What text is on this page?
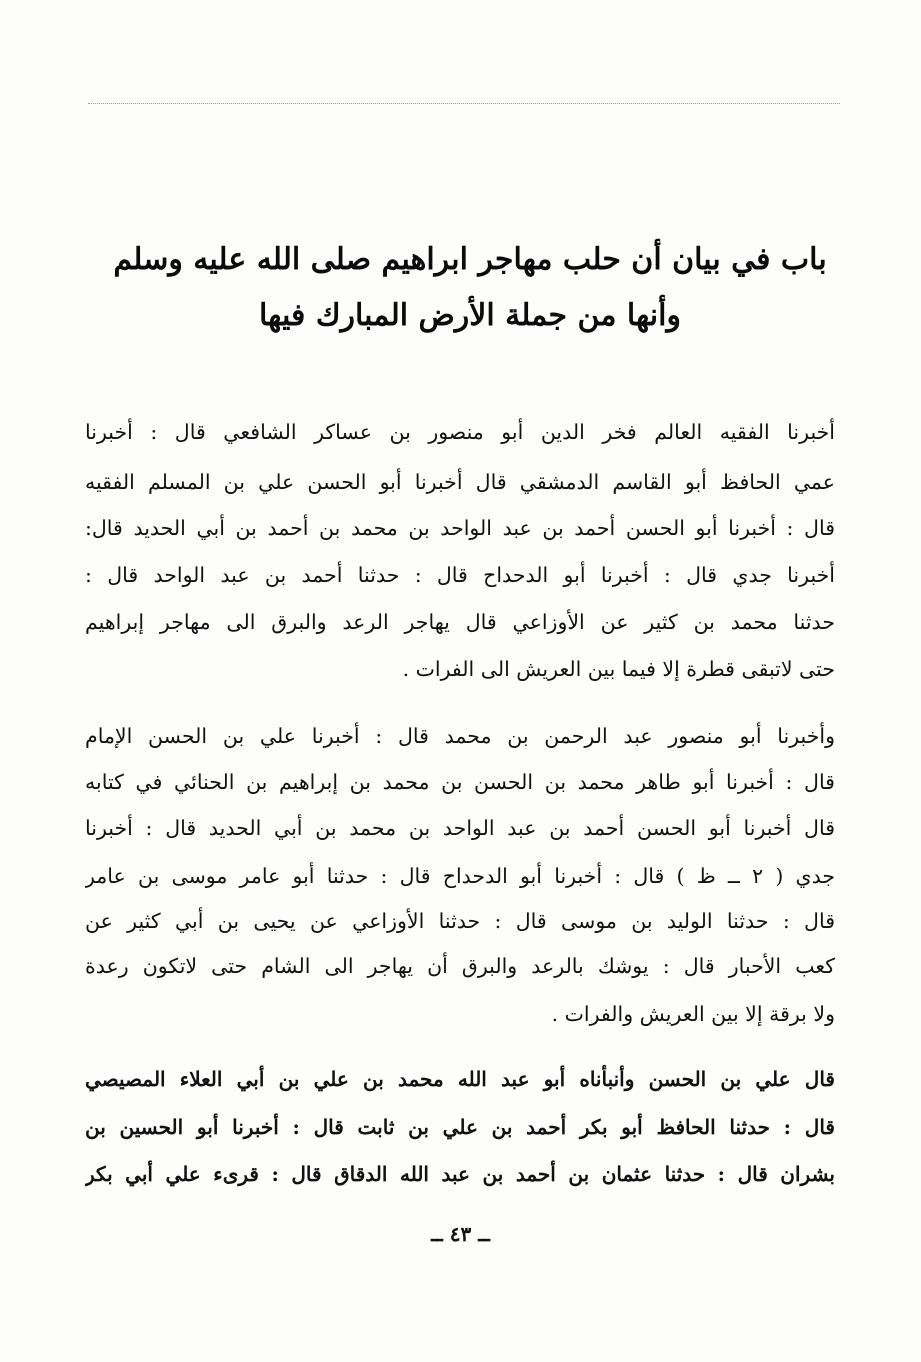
باب في بيان أن حلب مهاجر ابراهيم صلى الله عليه وسلم
وأنها من جملة الأرض المبارك فيها
أخبرنا الفقيه العالم فخر الدين أبو منصور بن عساكر الشافعي قال : أخبرنا
عمي الحافظ أبو القاسم الدمشقي قال أخبرنا أبو الحسن علي بن المسلم الفقيه
قال : أخبرنا أبو الحسن أحمد بن عبد الواحد بن محمد بن أحمد بن أبي الحديد قال:
أخبرنا جدي قال : أخبرنا أبو الدحداح قال : حدثنا أحمد بن عبد الواحد قال :
حدثنا محمد بن كثير عن الأوزاعي قال يهاجر الرعد والبرق الى مهاجر إبراهيم
حتى لاتبقى قطرة إلا فيما بين العريش الى الفرات .
وأخبرنا أبو منصور عبد الرحمن بن محمد قال : أخبرنا علي بن الحسن الإمام
قال : أخبرنا أبو طاهر محمد بن الحسن بن محمد بن إبراهيم بن الحنائي في كتابه
قال أخبرنا أبو الحسن أحمد بن عبد الواحد بن محمد بن أبي الحديد قال : أخبرنا
جدي ( ٢ ــ ظ ) قال : أخبرنا أبو الدحداح قال : حدثنا أبو عامر موسى بن عامر
قال : حدثنا الوليد بن موسى قال : حدثنا الأوزاعي عن يحيى بن أبي كثير عن
كعب الأحبار قال : يوشك بالرعد والبرق أن يهاجر الى الشام حتى لاتكون رعدة
ولا برقة إلا بين العريش والفرات .
قال علي بن الحسن وأنبأناه أبو عبد الله محمد بن علي بن أبي العلاء المصيصي
قال : حدثنا الحافظ أبو بكر أحمد بن علي بن ثابت قال : أخبرنا أبو الحسين بن
بشران قال : حدثنا عثمان بن أحمد بن عبد الله الدقاق قال : قرىء علي أبي بكر
ــ ٤٣ ــ
